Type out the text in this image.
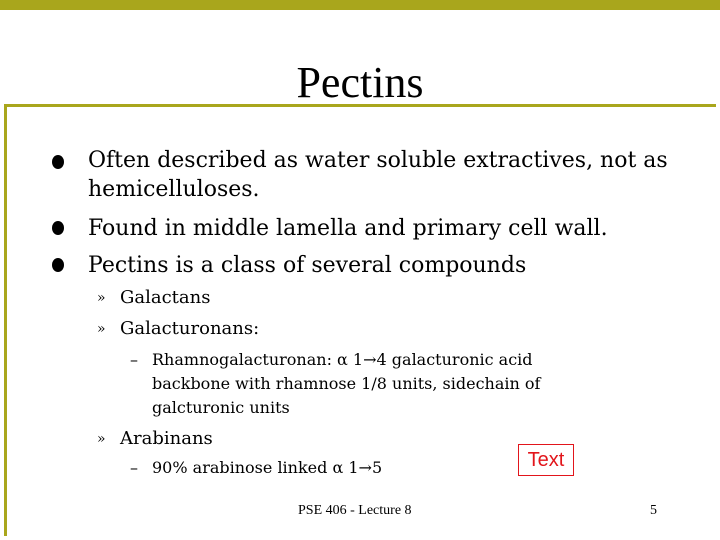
Pectins
Often described as water soluble extractives, not as
hemicelluloses.
Found in middle lamella and primary cell wall.
Pectins is a class of several compounds
» Galactans
» Galacturonans:
– Rhamnogalacturonan: α 1→4 galacturonic acid
backbone with rhamnose 1/8 units, sidechain of
galcturonic units
» Arabinans
– 90% arabinose linked α 1→5	Text
PSE 406 - Lecture 8	5
